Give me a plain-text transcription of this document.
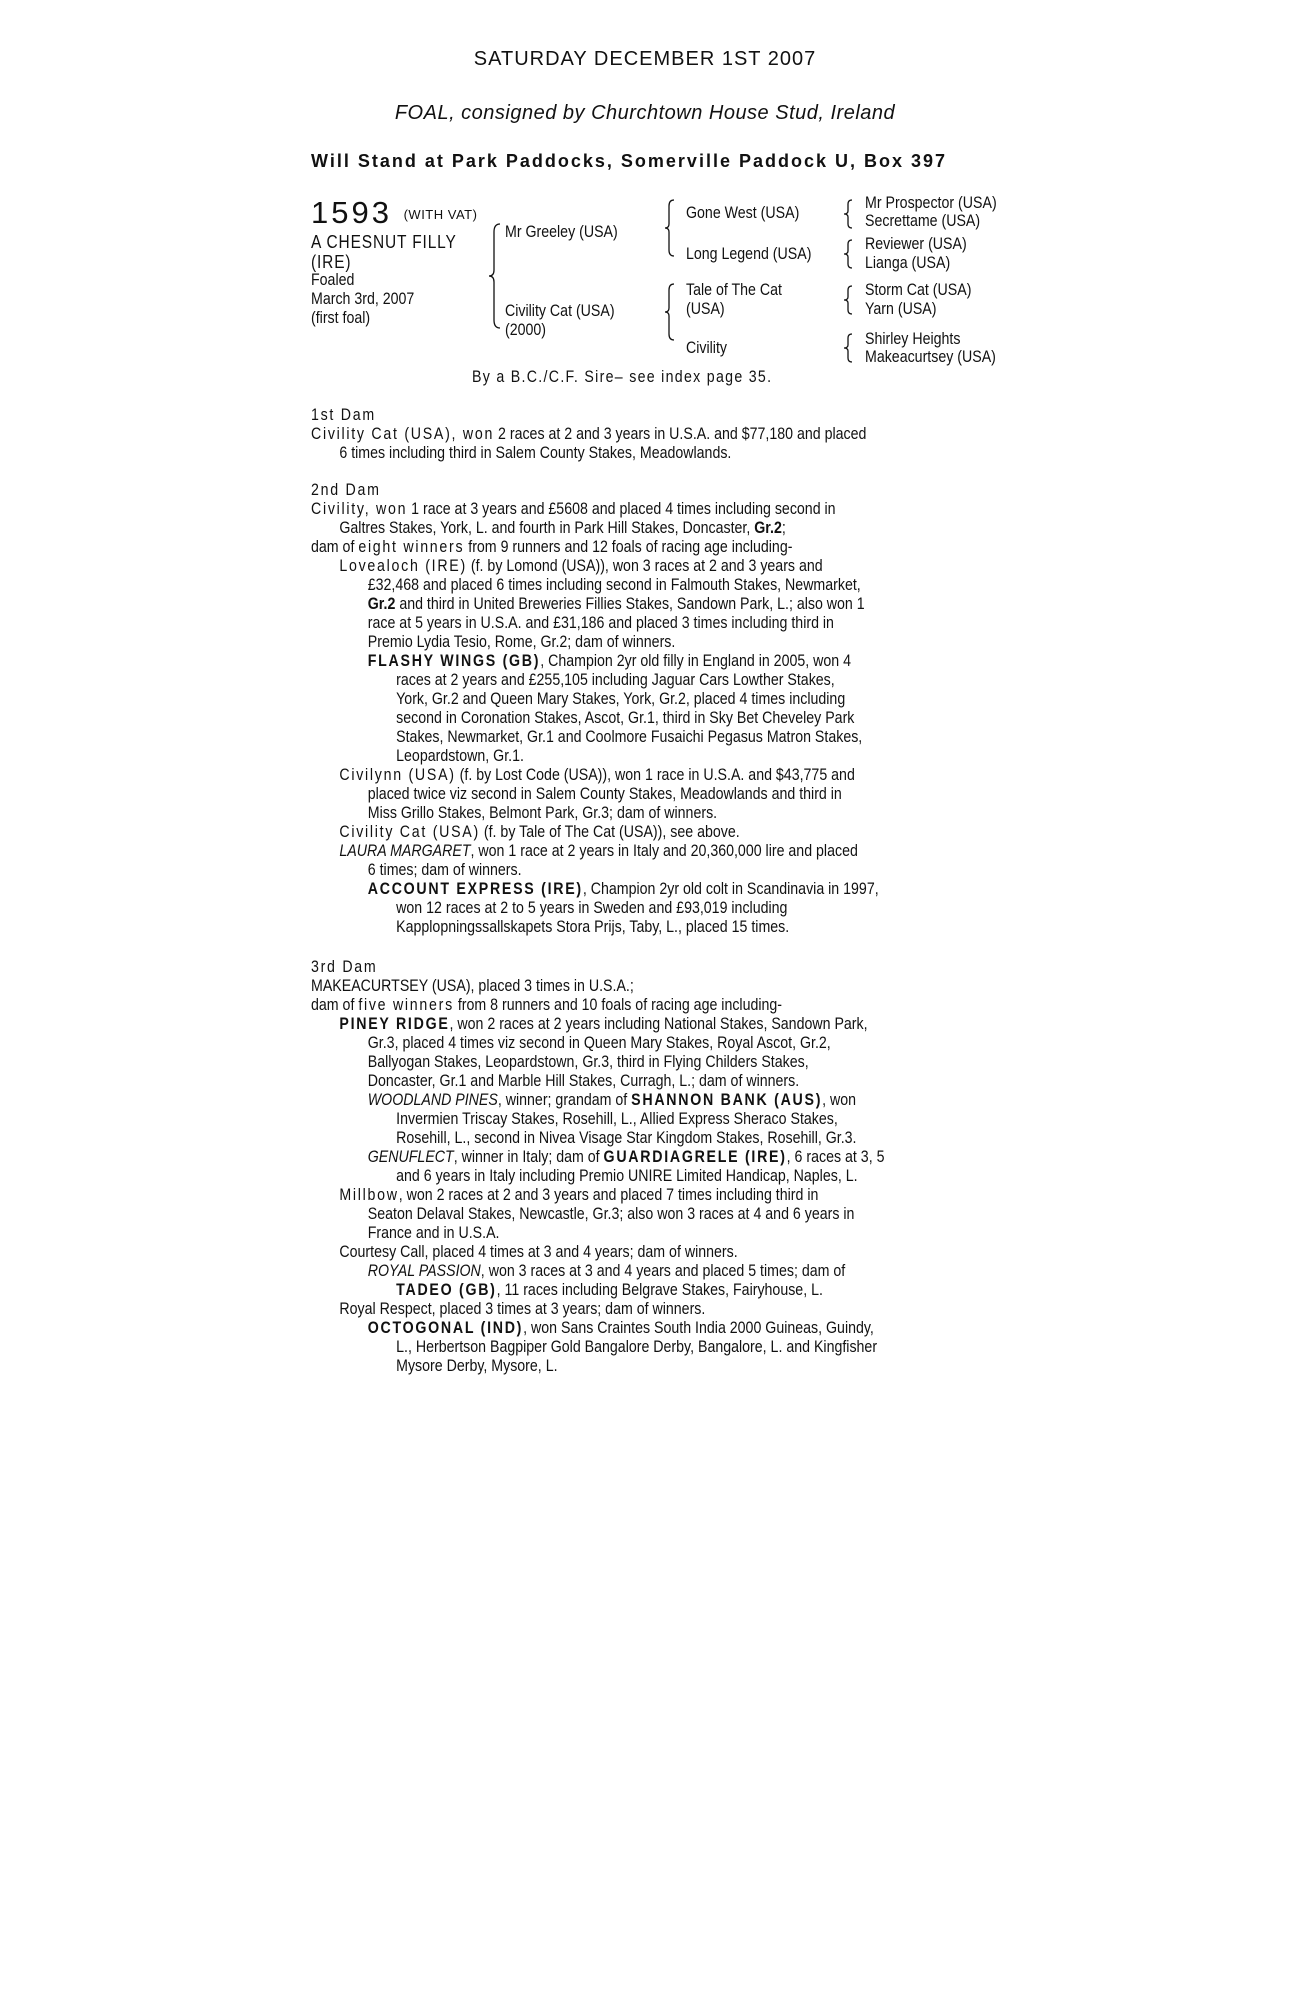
SATURDAY DECEMBER 1ST 2007
FOAL, consigned by Churchtown House Stud, Ireland
Will Stand at Park Paddocks, Somerville Paddock U, Box 397
1593 (WITH VAT)
A CHESNUT FILLY
(IRE)
Foaled
March 3rd, 2007
(first foal)
Mr Greeley (USA)
Civility Cat (USA)
(2000)
Gone West (USA)
Long Legend (USA)
Tale of The Cat
(USA)
Civility
Mr Prospector (USA)
Secrettame (USA)
Reviewer (USA)
Lianga (USA)
Storm Cat (USA)
Yarn (USA)
Shirley Heights
Makeacurtsey (USA)
By a B.C./C.F. Sire– see index page 35.
1st Dam
Civility Cat (USA), won 2 races at 2 and 3 years in U.S.A. and $77,180 and placed
6 times including third in Salem County Stakes, Meadowlands.
2nd Dam
Civility, won 1 race at 3 years and £5608 and placed 4 times including second in
Galtres Stakes, York, L. and fourth in Park Hill Stakes, Doncaster, Gr.2;
dam of eight winners from 9 runners and 12 foals of racing age including-
Lovealoch (IRE) (f. by Lomond (USA)), won 3 races at 2 and 3 years and
£32,468 and placed 6 times including second in Falmouth Stakes, Newmarket,
Gr.2 and third in United Breweries Fillies Stakes, Sandown Park, L.; also won 1
race at 5 years in U.S.A. and £31,186 and placed 3 times including third in
Premio Lydia Tesio, Rome, Gr.2; dam of winners.
FLASHY WINGS (GB), Champion 2yr old filly in England in 2005, won 4
races at 2 years and £255,105 including Jaguar Cars Lowther Stakes,
York, Gr.2 and Queen Mary Stakes, York, Gr.2, placed 4 times including
second in Coronation Stakes, Ascot, Gr.1, third in Sky Bet Cheveley Park
Stakes, Newmarket, Gr.1 and Coolmore Fusaichi Pegasus Matron Stakes,
Leopardstown, Gr.1.
Civilynn (USA) (f. by Lost Code (USA)), won 1 race in U.S.A. and $43,775 and
placed twice viz second in Salem County Stakes, Meadowlands and third in
Miss Grillo Stakes, Belmont Park, Gr.3; dam of winners.
Civility Cat (USA) (f. by Tale of The Cat (USA)), see above.
LAURA MARGARET, won 1 race at 2 years in Italy and 20,360,000 lire and placed
6 times; dam of winners.
ACCOUNT EXPRESS (IRE), Champion 2yr old colt in Scandinavia in 1997,
won 12 races at 2 to 5 years in Sweden and £93,019 including
Kapplopningssallskapets Stora Prijs, Taby, L., placed 15 times.
3rd Dam
MAKEACURTSEY (USA), placed 3 times in U.S.A.;
dam of five winners from 8 runners and 10 foals of racing age including-
PINEY RIDGE, won 2 races at 2 years including National Stakes, Sandown Park,
Gr.3, placed 4 times viz second in Queen Mary Stakes, Royal Ascot, Gr.2,
Ballyogan Stakes, Leopardstown, Gr.3, third in Flying Childers Stakes,
Doncaster, Gr.1 and Marble Hill Stakes, Curragh, L.; dam of winners.
WOODLAND PINES, winner; grandam of SHANNON BANK (AUS), won
Invermien Triscay Stakes, Rosehill, L., Allied Express Sheraco Stakes,
Rosehill, L., second in Nivea Visage Star Kingdom Stakes, Rosehill, Gr.3.
GENUFLECT, winner in Italy; dam of GUARDIAGRELE (IRE), 6 races at 3, 5
and 6 years in Italy including Premio UNIRE Limited Handicap, Naples, L.
Millbow, won 2 races at 2 and 3 years and placed 7 times including third in
Seaton Delaval Stakes, Newcastle, Gr.3; also won 3 races at 4 and 6 years in
France and in U.S.A.
Courtesy Call, placed 4 times at 3 and 4 years; dam of winners.
ROYAL PASSION, won 3 races at 3 and 4 years and placed 5 times; dam of
TADEO (GB), 11 races including Belgrave Stakes, Fairyhouse, L.
Royal Respect, placed 3 times at 3 years; dam of winners.
OCTOGONAL (IND), won Sans Craintes South India 2000 Guineas, Guindy,
L., Herbertson Bagpiper Gold Bangalore Derby, Bangalore, L. and Kingfisher
Mysore Derby, Mysore, L.
